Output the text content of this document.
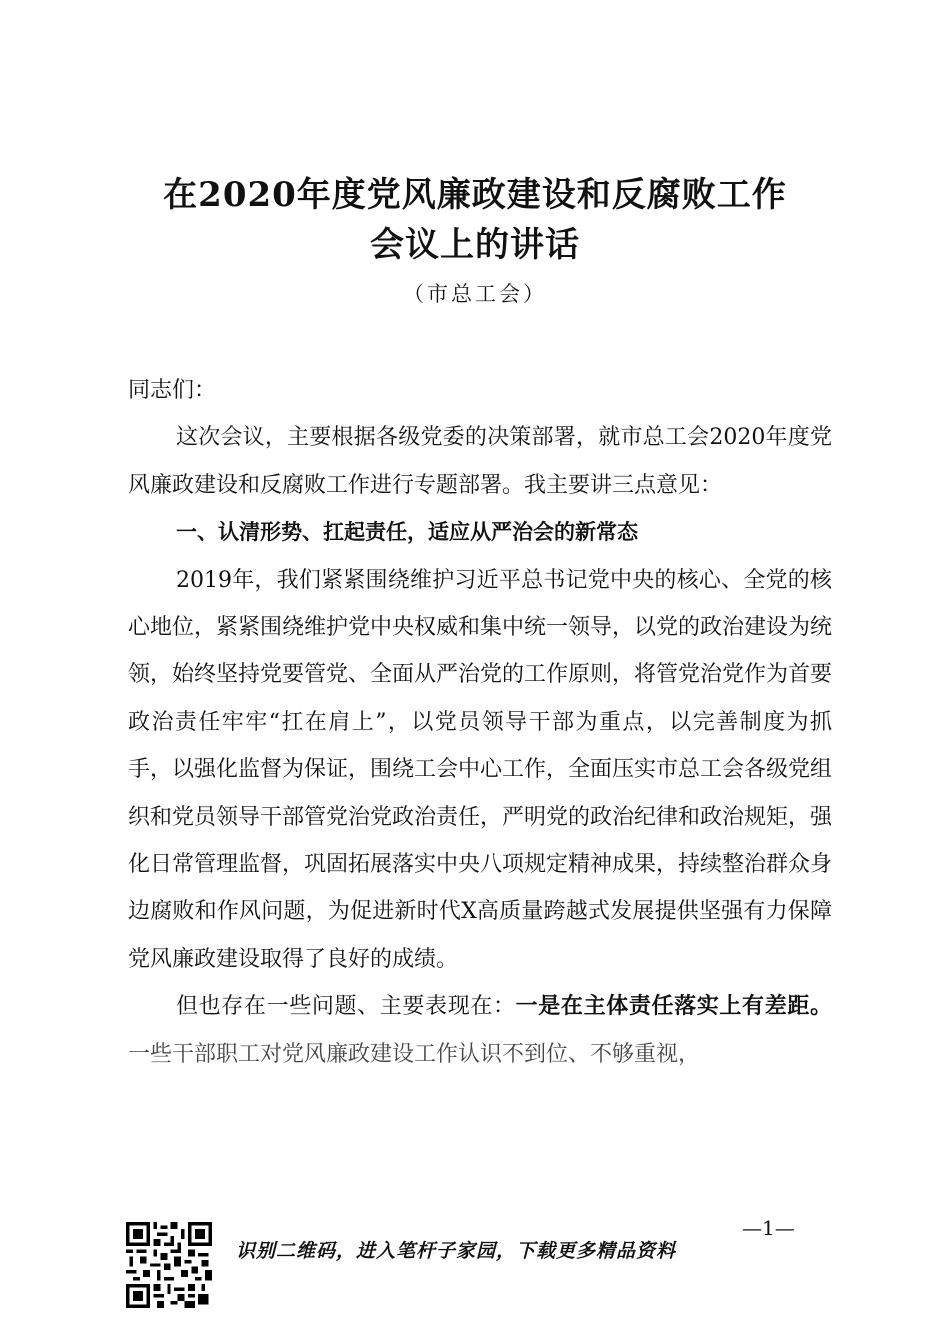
在2020年度党风廉政建设和反腐败工作
会议上的讲话
（市总工会）

同志们：

这次会议，主要根据各级党委的决策部署，就市总工会2020年度党风廉政建设和反腐败工作进行专题部署。我主要讲三点意见：

一、认清形势、扛起责任，适应从严治会的新常态

2019年，我们紧紧围绕维护习近平总书记党中央的核心、全党的核心地位，紧紧围绕维护党中央权威和集中统一领导，以党的政治建设为统领，始终坚持党要管党、全面从严治党的工作原则，将管党治党作为首要政治责任牢牢“扛在肩上”，以党员领导干部为重点，以完善制度为抓手，以强化监督为保证，围绕工会中心工作，全面压实市总工会各级党组织和党员领导干部管党治党政治责任，严明党的政治纪律和政治规矩，强化日常管理监督，巩固拓展落实中央八项规定精神成果，持续整治群众身边腐败和作风问题，为促进新时代X高质量跨越式发展提供坚强有力保障党风廉政建设取得了良好的成绩。

但也存在一些问题、主要表现在：一是在主体责任落实上有差距。一些干部职工对党风廉政建设工作认识不到位、不够重视，

识别二维码，进入笔杆子家园，下载更多精品资料
—1—
